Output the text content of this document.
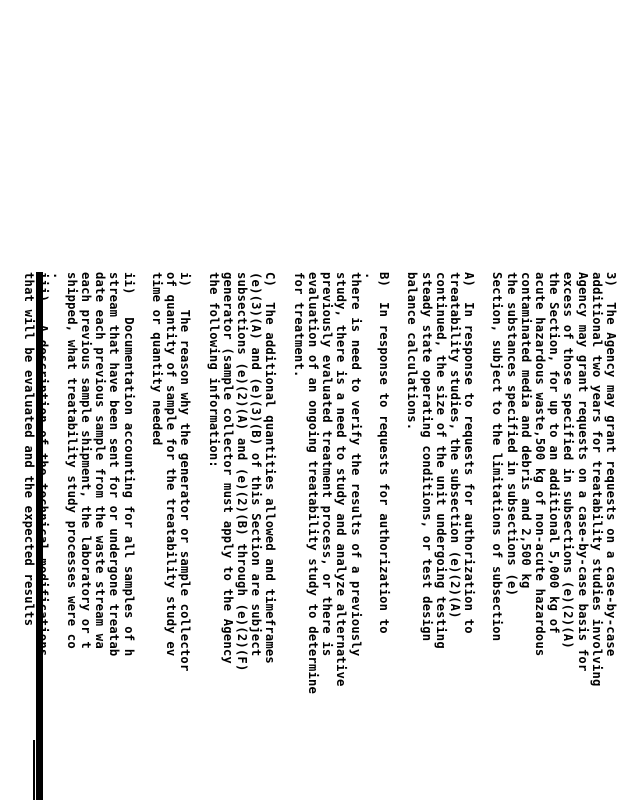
3)  The Agency may grant requests on a case-by-case
additional two years for treatability studies involving
Agency may grant requests on a case-by-case basis for
excess of those specified in subsections (e)(2)(A)
the Section, for up to an additional 5,000 kg of
acute hazardous waste,500 kg of non-acute hazardous
contaminated media and debris and 2,500 kg
the substances specified in subsections (e)
Section, subject to the limitations of subsection
A)  In response to requests for authorization to
treatability studies, the subsection (e)(2)(A)
continued, the size of the unit undergoing testing
steady state operating conditions, or test design
balance calculations.
B)  In response to requests for authorization to
.
there is need to verify the results of a previously
study, there is a need to study and analyze alternative
previously evaluated treatment process, or there is
evaluation of an ongoing treatability study to determine
for treatment.
C)  The additional quantities allowed and timeframes
(e)(3)(A) and (e)(3)(B) of this Section are subject
subsections (e)(2)(A) and (e)(2)(B) through (e)(2)(F)
generator (sample collector must apply to the Agency
the following information:
i)   The reason why the generator or sample collector
of quantity of sample for the treatability study ev
time or quantity needed
ii)   Documentation accounting for all samples of h
stream that have been sent for or undergone treatab
date each previous sample from the waste stream wa
each previous sample shipment, the laboratory or t
shipped, what treatability study processes were co
.
iii)   A description of the technical modifications
that will be evaluated and the expected results
